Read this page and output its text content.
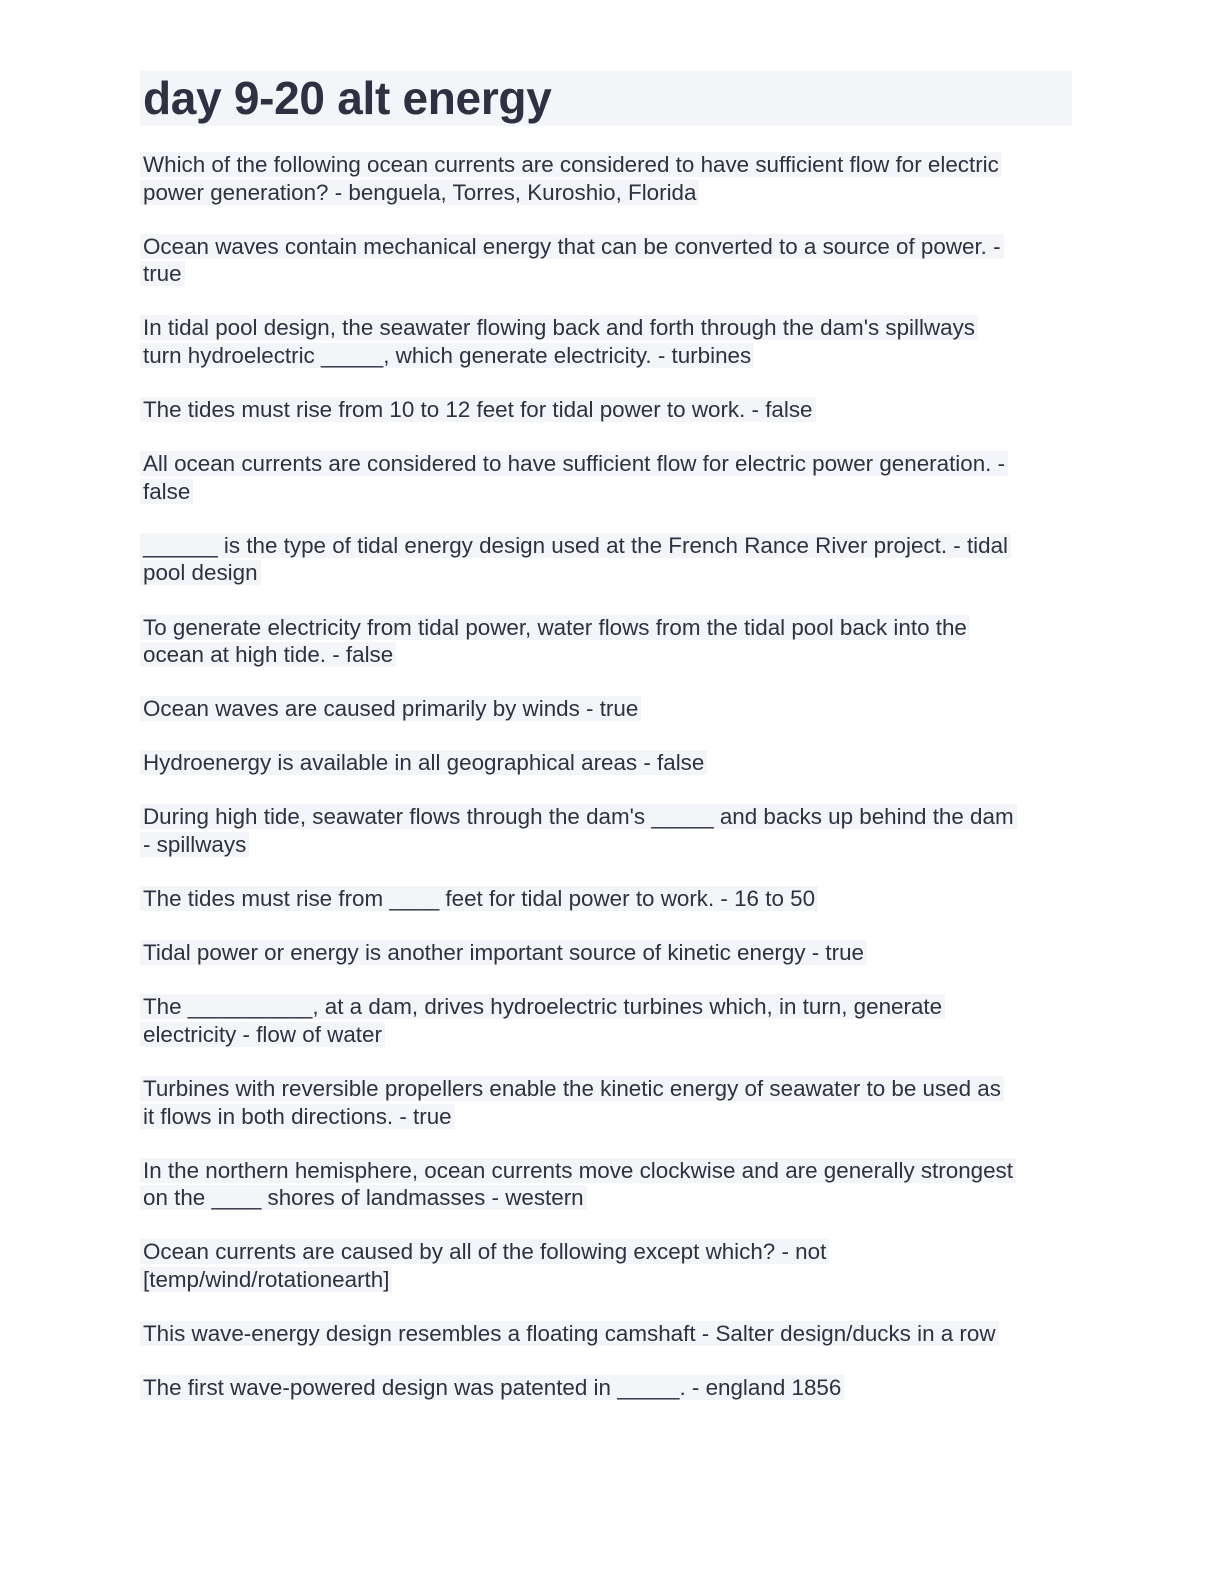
day 9-20 alt energy
Which of the following ocean currents are considered to have sufficient flow for electric
power generation? - benguela, Torres, Kuroshio, Florida
Ocean waves contain mechanical energy that can be converted to a source of power. -
true
In tidal pool design, the seawater flowing back and forth through the dam's spillways
turn hydroelectric _____, which generate electricity. - turbines
The tides must rise from 10 to 12 feet for tidal power to work. - false
All ocean currents are considered to have sufficient flow for electric power generation. -
false
______ is the type of tidal energy design used at the French Rance River project. - tidal
pool design
To generate electricity from tidal power, water flows from the tidal pool back into the
ocean at high tide. - false
Ocean waves are caused primarily by winds - true
Hydroenergy is available in all geographical areas - false
During high tide, seawater flows through the dam's _____ and backs up behind the dam
- spillways
The tides must rise from ____ feet for tidal power to work. - 16 to 50
Tidal power or energy is another important source of kinetic energy - true
The __________, at a dam, drives hydroelectric turbines which, in turn, generate
electricity - flow of water
Turbines with reversible propellers enable the kinetic energy of seawater to be used as
it flows in both directions. - true
In the northern hemisphere, ocean currents move clockwise and are generally strongest
on the ____ shores of landmasses - western
Ocean currents are caused by all of the following except which? - not
[temp/wind/rotationearth]
This wave-energy design resembles a floating camshaft - Salter design/ducks in a row
The first wave-powered design was patented in _____. - england 1856
